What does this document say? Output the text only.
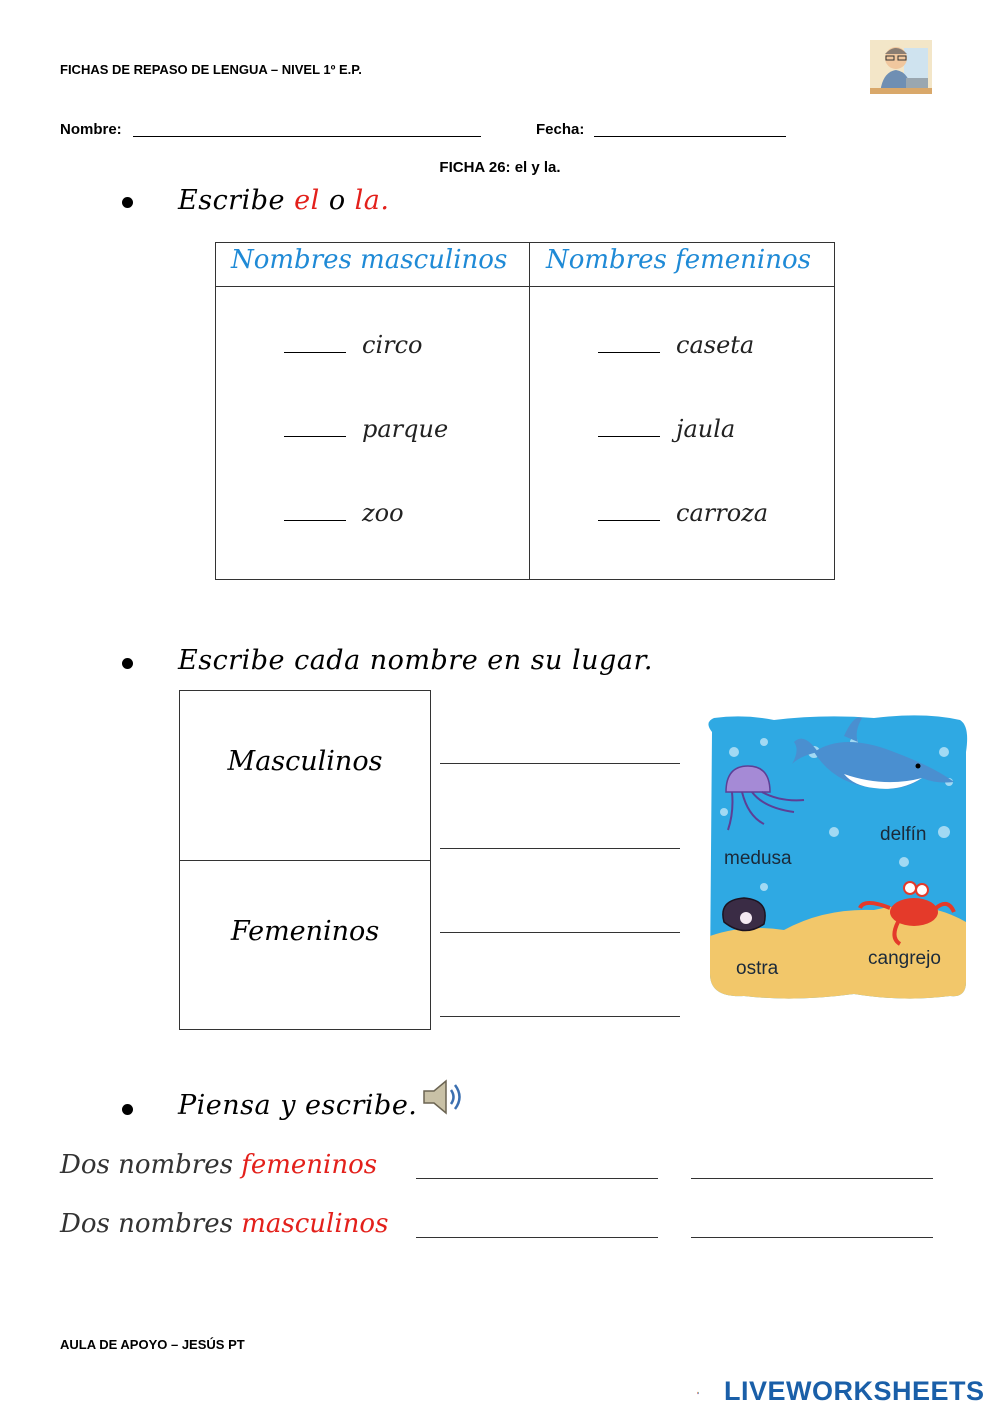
FICHAS DE REPASO DE LENGUA – NIVEL 1º E.P.
Nombre:	Fecha:
FICHA 26: el y la.
Escribe el o la.
Nombres masculinos Nombres femeninos
circo
parque
zoo
caseta
jaula
carroza
Escribe cada nombre en su lugar.
Masculinos
Femeninos
delfín
medusa
ostra	cangrejo
Piensa y escribe.
Dos nombres femeninos
Dos nombres masculinos
AULA DE APOYO – JESÚS PT
LIVEWORKSHEETS
